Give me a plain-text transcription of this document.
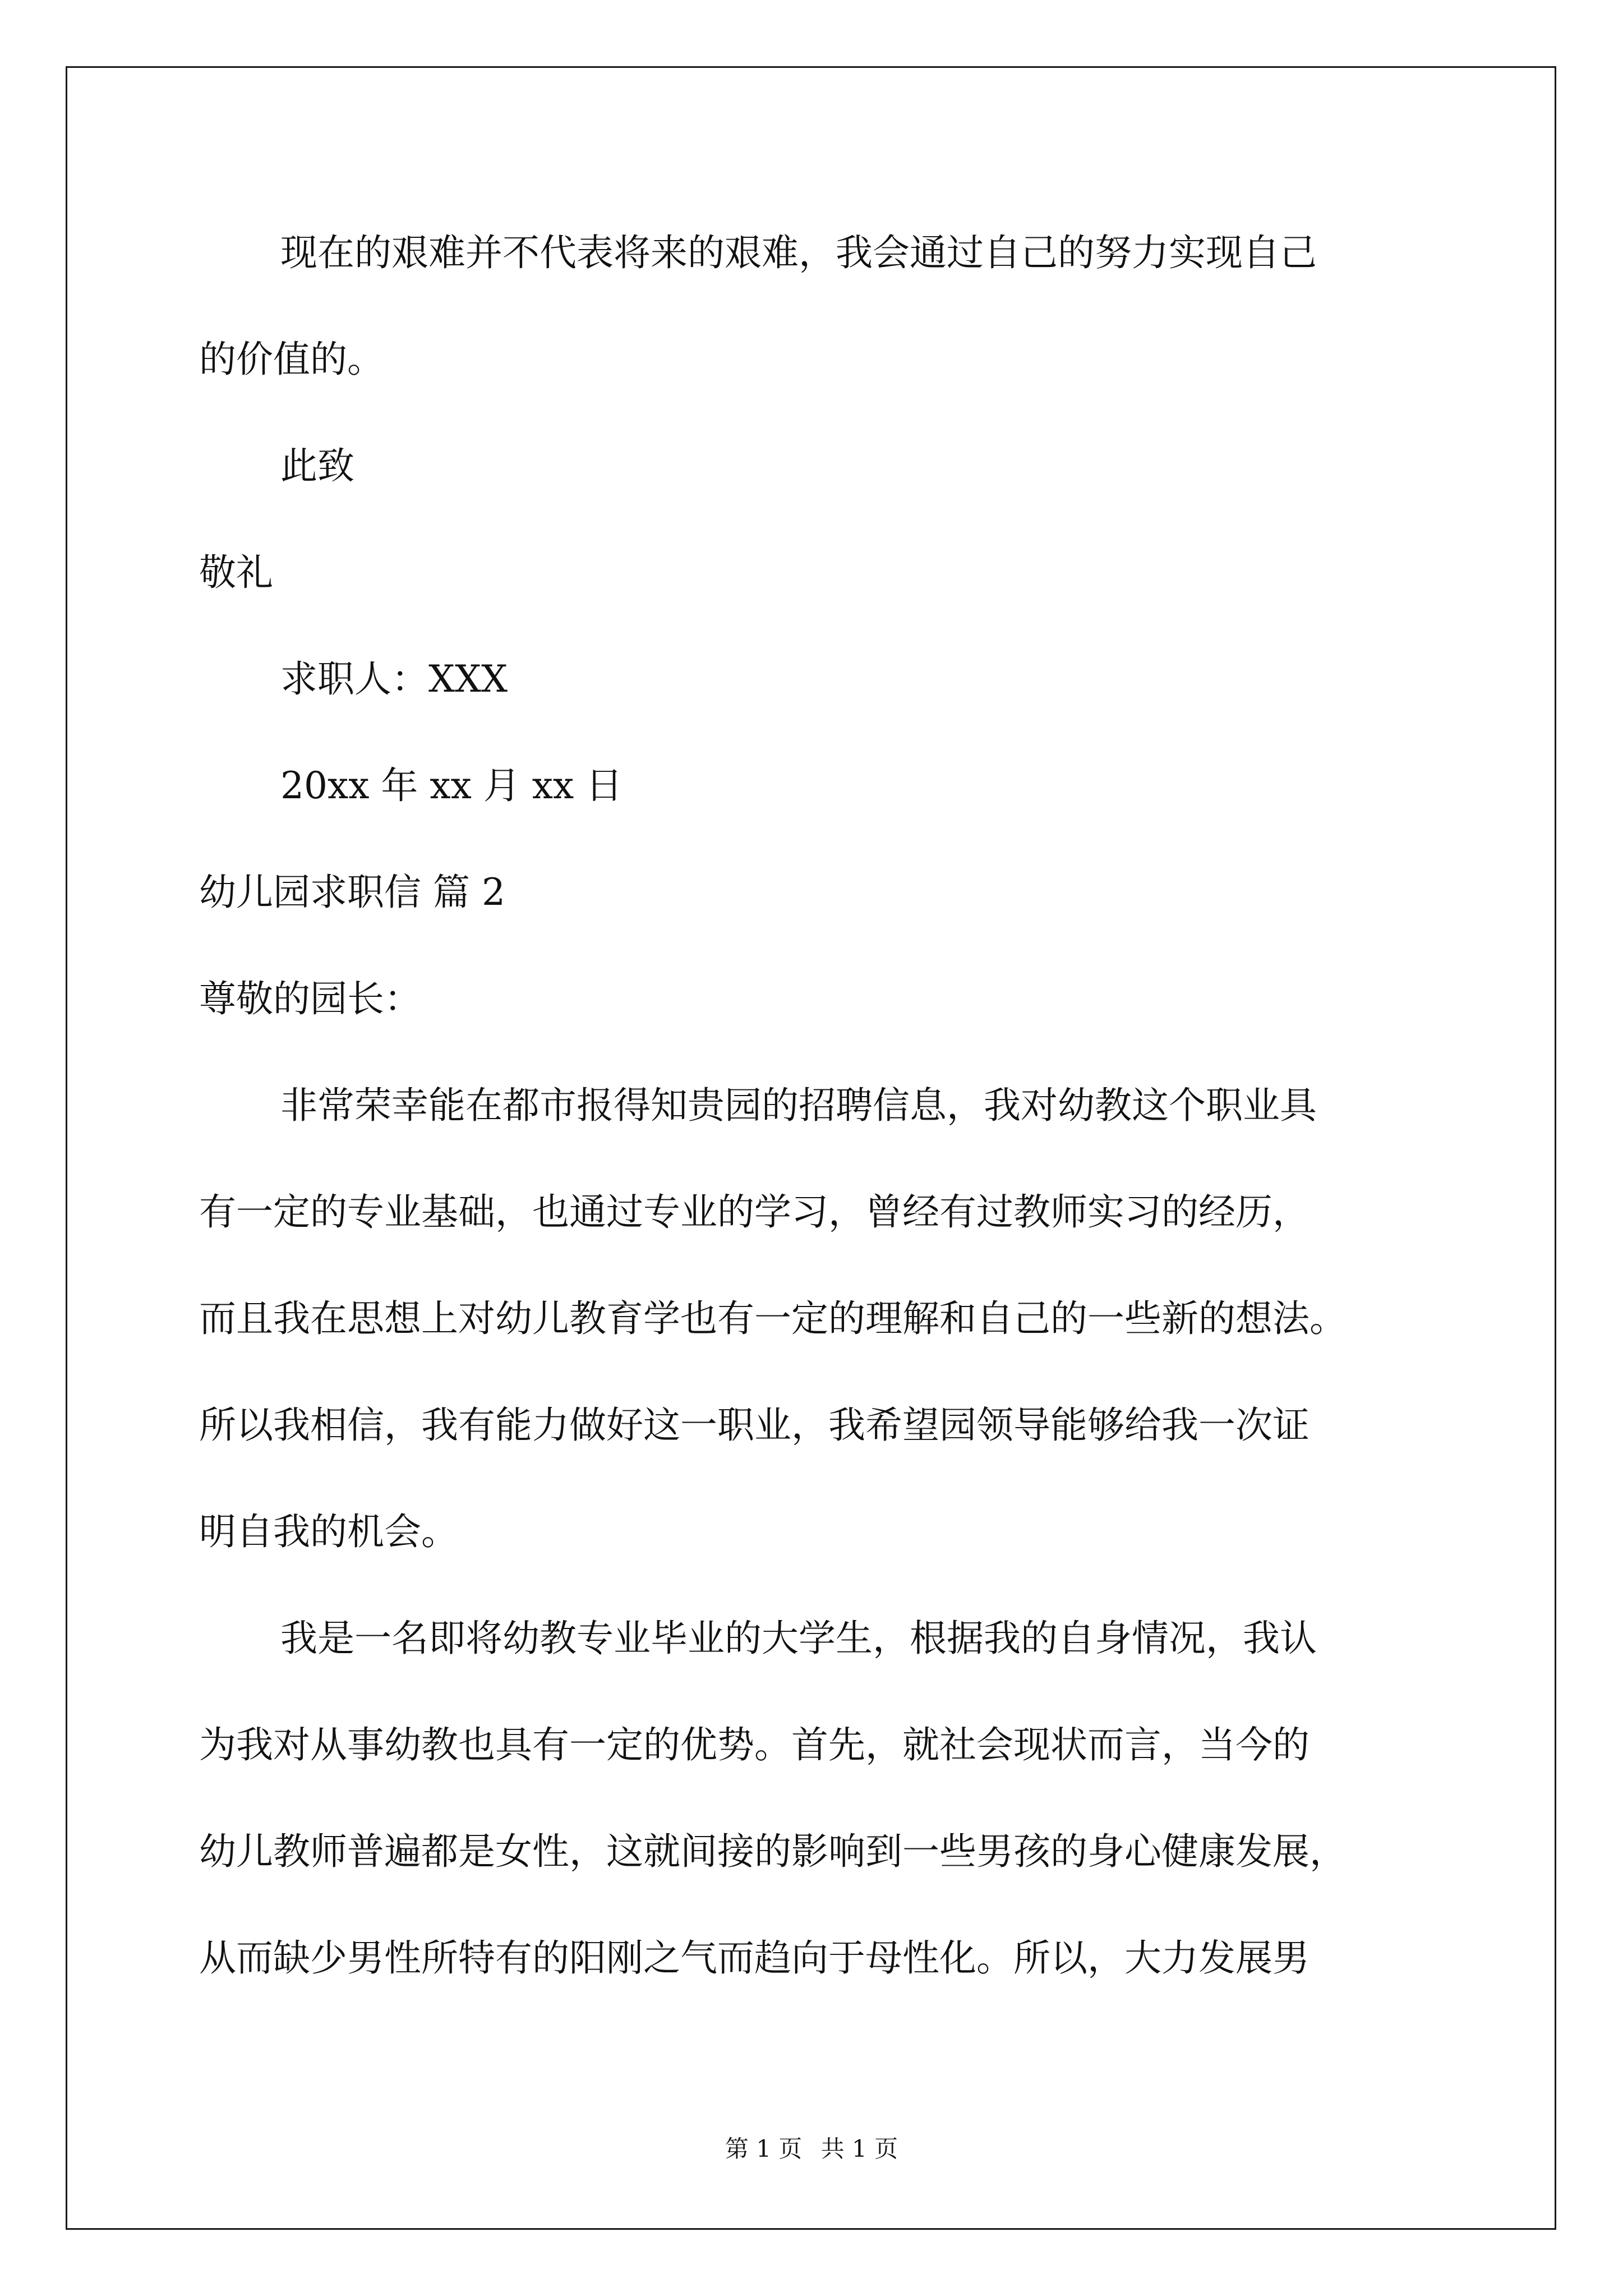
现在的艰难并不代表将来的艰难，我会通过自己的努力实现自己
的价值的。
此致
敬礼
求职人：XXX
20xx 年 xx 月 xx 日
幼儿园求职信 篇 2
尊敬的园长：
非常荣幸能在都市报得知贵园的招聘信息，我对幼教这个职业具
有一定的专业基础，也通过专业的学习，曾经有过教师实习的经历，
而且我在思想上对幼儿教育学也有一定的理解和自己的一些新的想法。
所以我相信，我有能力做好这一职业，我希望园领导能够给我一次证
明自我的机会。
我是一名即将幼教专业毕业的大学生，根据我的自身情况，我认
为我对从事幼教也具有一定的优势。首先，就社会现状而言，当今的
幼儿教师普遍都是女性，这就间接的影响到一些男孩的身心健康发展，
从而缺少男性所特有的阳刚之气而趋向于母性化。所以，大力发展男
第 1 页 共 1 页
